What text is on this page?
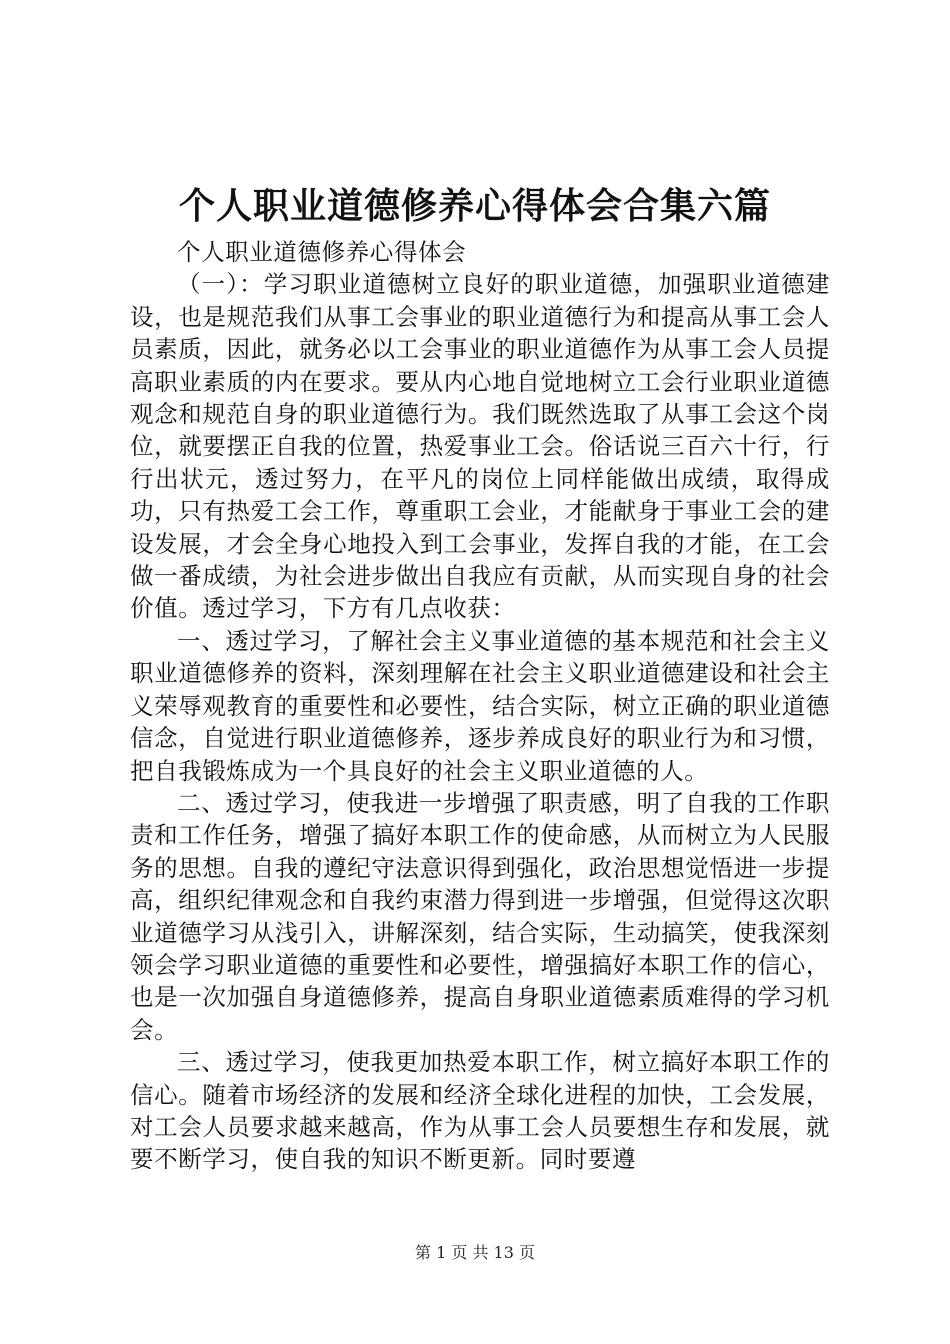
个人职业道德修养心得体会合集六篇

个人职业道德修养心得体会

（一）：学习职业道德树立良好的职业道德，加强职业道德建设，也是规范我们从事工会事业的职业道德行为和提高从事工会人员素质，因此，就务必以工会事业的职业道德作为从事工会人员提高职业素质的内在要求。要从内心地自觉地树立工会行业职业道德观念和规范自身的职业道德行为。我们既然选取了从事工会这个岗位，就要摆正自我的位置，热爱事业工会。俗话说三百六十行，行行出状元，透过努力，在平凡的岗位上同样能做出成绩，取得成功，只有热爱工会工作，尊重职工会业，才能献身于事业工会的建设发展，才会全身心地投入到工会事业，发挥自我的才能，在工会做一番成绩，为社会进步做出自我应有贡献，从而实现自身的社会价值。透过学习，下方有几点收获：

一、透过学习，了解社会主义事业道德的基本规范和社会主义职业道德修养的资料，深刻理解在社会主义职业道德建设和社会主义荣辱观教育的重要性和必要性，结合实际，树立正确的职业道德信念，自觉进行职业道德修养，逐步养成良好的职业行为和习惯，把自我锻炼成为一个具良好的社会主义职业道德的人。

二、透过学习，使我进一步增强了职责感，明了自我的工作职责和工作任务，增强了搞好本职工作的使命感，从而树立为人民服务的思想。自我的遵纪守法意识得到强化，政治思想觉悟进一步提高，组织纪律观念和自我约束潜力得到进一步增强，但觉得这次职业道德学习从浅引入，讲解深刻，结合实际，生动搞笑，使我深刻领会学习职业道德的重要性和必要性，增强搞好本职工作的信心，也是一次加强自身道德修养，提高自身职业道德素质难得的学习机会。

三、透过学习，使我更加热爱本职工作，树立搞好本职工作的信心。随着市场经济的发展和经济全球化进程的加快，工会发展，对工会人员要求越来越高，作为从事工会人员要想生存和发展，就要不断学习，使自我的知识不断更新。同时要遵

第 1 页 共 13 页
